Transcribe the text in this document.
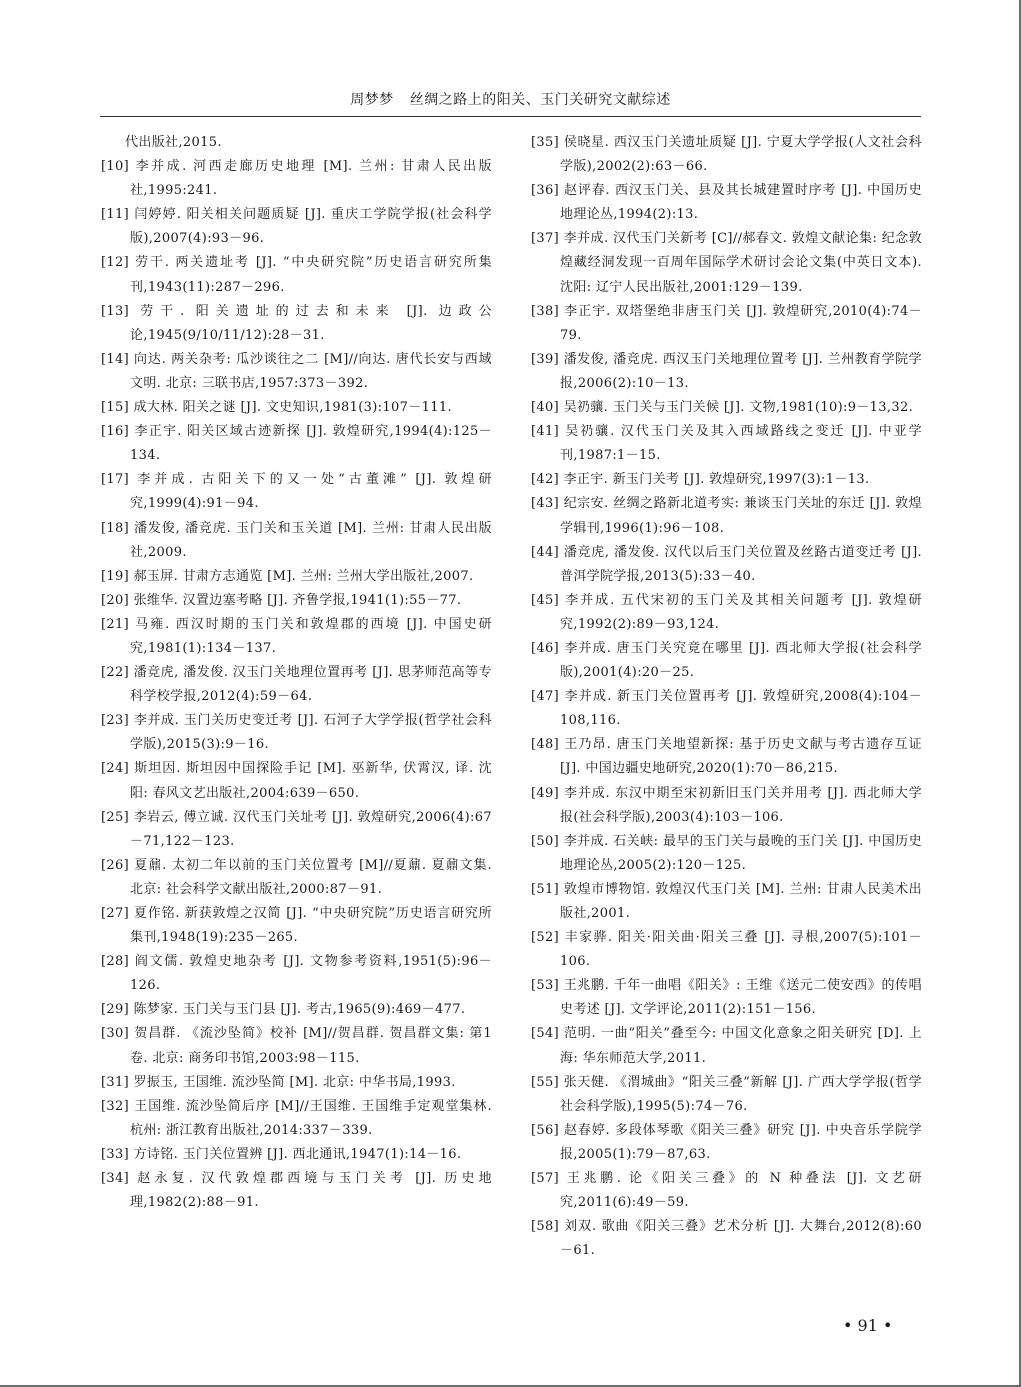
周梦梦 丝绸之路上的阳关、玉门关研究文献综述
代出版社,2015.
[10] 李并成. 河西走廊历史地理 [M]. 兰州: 甘肃人民出版社,1995:241.
[11] 闫婷婷. 阳关相关问题质疑 [J]. 重庆工学院学报(社会科学版),2007(4):93－96.
[12] 劳干. 两关遗址考 [J]. “中央研究院”历史语言研究所集刊,1943(11):287－296.
[13] 劳干. 阳关遗址的过去和未来 [J]. 边政公论,1945(9/10/11/12):28－31.
[14] 向达. 两关杂考: 瓜沙谈往之二 [M]//向达. 唐代长安与西域文明. 北京: 三联书店,1957:373－392.
[15] 成大林. 阳关之谜 [J]. 文史知识,1981(3):107－111.
[16] 李正宇. 阳关区域古迹新探 [J]. 敦煌研究,1994(4):125－134.
[17] 李并成. 古阳关下的又一处“古董滩” [J]. 敦煌研究,1999(4):91－94.
[18] 潘发俊, 潘竞虎. 玉门关和玉关道 [M]. 兰州: 甘肃人民出版社,2009.
[19] 郝玉屏. 甘肃方志通览 [M]. 兰州: 兰州大学出版社,2007.
[20] 张维华. 汉置边塞考略 [J]. 齐鲁学报,1941(1):55－77.
[21] 马雍. 西汉时期的玉门关和敦煌郡的西境 [J]. 中国史研究,1981(1):134－137.
[22] 潘竞虎, 潘发俊. 汉玉门关地理位置再考 [J]. 思茅师范高等专科学校学报,2012(4):59－64.
[23] 李并成. 玉门关历史变迁考 [J]. 石河子大学学报(哲学社会科学版),2015(3):9－16.
[24] 斯坦因. 斯坦因中国探险手记 [M]. 巫新华, 伏霄汉, 译. 沈阳: 春风文艺出版社,2004:639－650.
[25] 李岩云, 傅立诚. 汉代玉门关址考 [J]. 敦煌研究,2006(4):67－71,122－123.
[26] 夏鼐. 太初二年以前的玉门关位置考 [M]//夏鼐. 夏鼐文集. 北京: 社会科学文献出版社,2000:87－91.
[27] 夏作铭. 新获敦煌之汉简 [J]. “中央研究院”历史语言研究所集刊,1948(19):235－265.
[28] 阎文儒. 敦煌史地杂考 [J]. 文物参考资料,1951(5):96－126.
[29] 陈梦家. 玉门关与玉门县 [J]. 考古,1965(9):469－477.
[30] 贺昌群. 《流沙坠简》校补 [M]//贺昌群. 贺昌群文集: 第1卷. 北京: 商务印书馆,2003:98－115.
[31] 罗振玉, 王国维. 流沙坠简 [M]. 北京: 中华书局,1993.
[32] 王国维. 流沙坠简后序 [M]//王国维. 王国维手定观堂集林. 杭州: 浙江教育出版社,2014:337－339.
[33] 方诗铭. 玉门关位置辨 [J]. 西北通讯,1947(1):14－16.
[34] 赵永复. 汉代敦煌郡西境与玉门关考 [J]. 历史地理,1982(2):88－91.
[35] 侯晓星. 西汉玉门关遗址质疑 [J]. 宁夏大学学报(人文社会科学版),2002(2):63－66.
[36] 赵评春. 西汉玉门关、县及其长城建置时序考 [J]. 中国历史地理论丛,1994(2):13.
[37] 李并成. 汉代玉门关新考 [C]//郝春文. 敦煌文献论集: 纪念敦煌藏经洞发现一百周年国际学术研讨会论文集(中英日文本). 沈阳: 辽宁人民出版社,2001:129－139.
[38] 李正宇. 双塔堡绝非唐玉门关 [J]. 敦煌研究,2010(4):74－79.
[39] 潘发俊, 潘竞虎. 西汉玉门关地理位置考 [J]. 兰州教育学院学报,2006(2):10－13.
[40] 吴礽骧. 玉门关与玉门关候 [J]. 文物,1981(10):9－13,32.
[41] 吴礽骧. 汉代玉门关及其入西域路线之变迁 [J]. 中亚学刊,1987:1－15.
[42] 李正宇. 新玉门关考 [J]. 敦煌研究,1997(3):1－13.
[43] 纪宗安. 丝绸之路新北道考实: 兼谈玉门关址的东迁 [J]. 敦煌学辑刊,1996(1):96－108.
[44] 潘竞虎, 潘发俊. 汉代以后玉门关位置及丝路古道变迁考 [J]. 普洱学院学报,2013(5):33－40.
[45] 李并成. 五代宋初的玉门关及其相关问题考 [J]. 敦煌研究,1992(2):89－93,124.
[46] 李并成. 唐玉门关究竟在哪里 [J]. 西北师大学报(社会科学版),2001(4):20－25.
[47] 李并成. 新玉门关位置再考 [J]. 敦煌研究,2008(4):104－108,116.
[48] 王乃昂. 唐玉门关地望新探: 基于历史文献与考古遗存互证 [J]. 中国边疆史地研究,2020(1):70－86,215.
[49] 李并成. 东汉中期至宋初新旧玉门关并用考 [J]. 西北师大学报(社会科学版),2003(4):103－106.
[50] 李并成. 石关峡: 最早的玉门关与最晚的玉门关 [J]. 中国历史地理论丛,2005(2):120－125.
[51] 敦煌市博物馆. 敦煌汉代玉门关 [M]. 兰州: 甘肃人民美术出版社,2001.
[52] 丰家骅. 阳关·阳关曲·阳关三叠 [J]. 寻根,2007(5):101－106.
[53] 王兆鹏. 千年一曲唱《阳关》: 王维《送元二使安西》的传唱史考述 [J]. 文学评论,2011(2):151－156.
[54] 范明. 一曲“阳关”叠至今: 中国文化意象之阳关研究 [D]. 上海: 华东师范大学,2011.
[55] 张天健. 《渭城曲》“阳关三叠”新解 [J]. 广西大学学报(哲学社会科学版),1995(5):74－76.
[56] 赵春婷. 多段体琴歌《阳关三叠》研究 [J]. 中央音乐学院学报,2005(1):79－87,63.
[57] 王兆鹏. 论《阳关三叠》的 N 种叠法 [J]. 文艺研究,2011(6):49－59.
[58] 刘双. 歌曲《阳关三叠》艺术分析 [J]. 大舞台,2012(8):60－61.
• 91 •
